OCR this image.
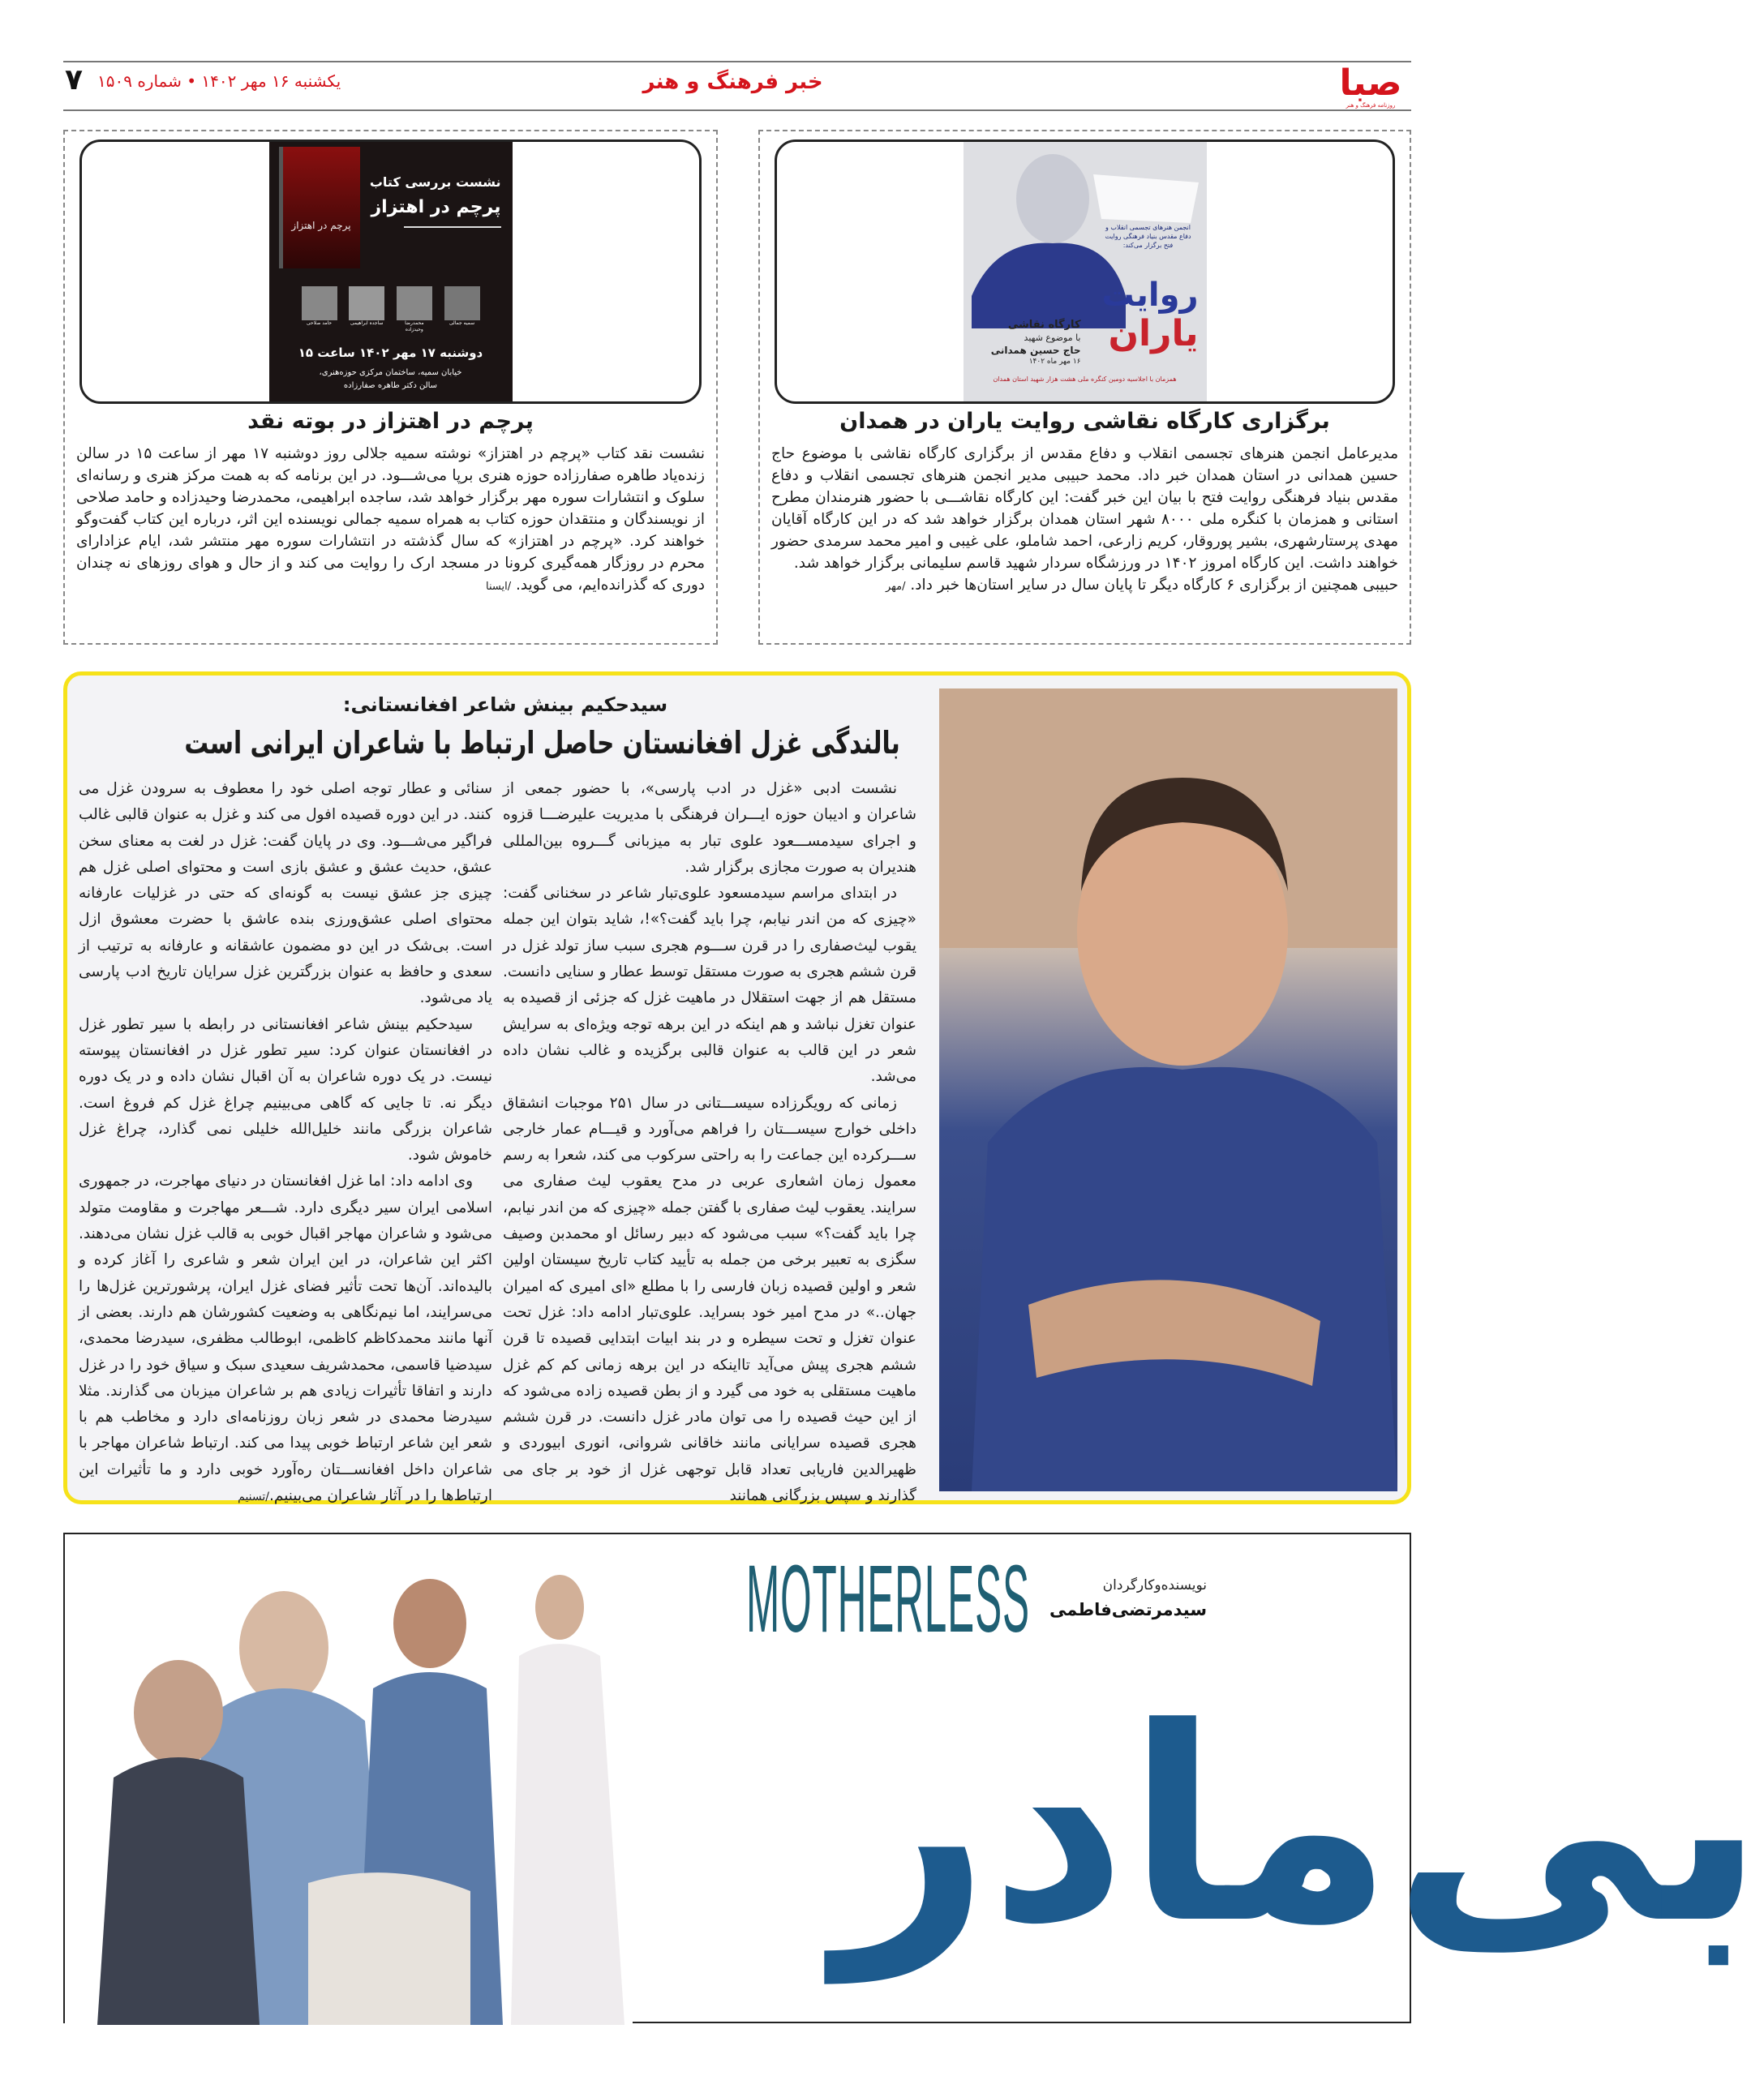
صبا
روزنامه فرهنگ و هنر
خبر فرهنگ و هنر
یکشنبه ۱۶ مهر ۱۴۰۲ • شماره ۱۵۰۹
۷
انجمن هنرهای تجسمی انقلاب و دفاع مقدس بنیاد فرهنگی روایت فتح برگزار می‌کند:
روایت
یاران
کارگاه نقاشی
با موضوع شهید
حاج حسین همدانی
۱۶ مهر ماه ۱۴۰۲
همزمان با اجلاسیه دومین کنگره ملی هشت هزار شهید استان همدان
برگزاری کارگاه نقاشی روایت یاران در همدان
مدیرعامل انجمن هنرهای تجسمی انقلاب و دفاع مقدس از برگزاری کارگاه نقاشی با موضوع حاج حسین همدانی در استان همدان خبر داد. محمد حبیبی مدیر انجمن هنرهای تجسمی انقلاب و دفاع مقدس بنیاد فرهنگی روایت فتح با بیان این خبر گفت: این کارگاه نقاشـــی با حضور هنرمندان مطرح استانی و همزمان با کنگره ملی ۸۰۰۰ شهر استان همدان برگزار خواهد شد که در این کارگاه آقایان مهدی پرستارشهری، بشیر پوروقار، کریم زارعی، احمد شاملو، علی غیبی و امیر محمد سرمدی حضور خواهند داشت. این کارگاه امروز ۱۴۰۲ در ورزشگاه سردار شهید قاسم سلیمانی برگزار خواهد شد.
حبیبی همچنین از برگزاری ۶ کارگاه دیگر تا پایان سال در سایر استان‌ها خبر داد. /مهر
پرچم در اهتزاز
نشست بررسی کتاب
پرچم در اهتزاز
سمیه جمالی
محمدرضا وحیدزاده
ساجده ابراهیمی
حامد صلاحی
دوشنبه ۱۷ مهر ۱۴۰۲ ساعت ۱۵
خیابان سمیه، ساختمان مرکزی حوزه‌هنری،
سالن دکتر طاهره صفارزاده
پرچم در اهتزاز در بوته نقد
نشست نقد کتاب «پرچم در اهتزاز» نوشته سمیه جلالی روز دوشنبه ۱۷ مهر از ساعت ۱۵ در سالن زنده‌یاد طاهره صفارزاده حوزه هنری برپا می‌شـــود. در این برنامه که به همت مرکز هنری و رسانه‌ای سلوک و انتشارات سوره مهر برگزار خواهد شد، ساجده ابراهیمی، محمدرضا وحیدزاده و حامد صلاحی از نویسندگان و منتقدان حوزه کتاب به همراه سمیه جمالی نویسنده این اثر، درباره این کتاب گفت‌وگو خواهند کرد. «پرچم در اهتزاز» که سال گذشته در انتشارات سوره مهر منتشر شد، ایام عزادارای محرم در روزگار همه‌گیری کرونا در مسجد ارک را روایت می کند و از حال و هوای روزهای نه چندان دوری که گذرانده‌ایم، می گوید. /ایسنا
سیدحکیم بینش شاعر افغانستانی:
بالندگی غزل افغانستان حاصل ارتباط با شاعران ایرانی است

نشست ادبی «غزل در ادب پارسی»، با حضور جمعی از شاعران و ادیبان حوزه ایـــران فرهنگی با مدیریت علیرضـــا قزوه و اجرای سیدمســـعود علوی تبار به میزبانی گـــروه بین‌المللی هندیران به صورت مجازی برگزار شد.

در ابتدای مراسم سیدمسعود علوی‌تبار شاعر در سخنانی گفت: «چیزی که من اندر نیابم، چرا باید گفت؟»!، شاید بتوان این جمله یقوب لیث‌صفاری را در قرن ســـوم هجری سبب ساز تولد غزل در قرن ششم هجری به صورت مستقل توسط عطار و سنایی دانست. مستقل هم از جهت استقلال در ماهیت غزل که جزئی از قصیده به عنوان تغزل نباشد و هم اینکه در این برهه توجه ویژه‌ای به سرایش شعر در این قالب به عنوان قالبی برگزیده و غالب نشان داده می‌شد.

زمانی که رویگرزاده سیســـتانی در سال ۲۵۱ موجبات انشقاق داخلی خوارج سیســـتان را فراهم می‌آورد و قیـــام عمار خارجی ســـرکرده این جماعت را به راحتی سرکوب می کند، شعرا به رسم معمول زمان اشعاری عربی در مدح یعقوب لیث صفاری می سرایند. یعقوب لیث صفاری با گفتن جمله «چیزی که من اندر نیابم، چرا باید گفت؟» سبب می‌شود که دبیر رسائل او محمدبن وصیف سگزی به تعبیر برخی من جمله به تأیید کتاب تاریخ سیستان اولین شعر و اولین قصیده زبان فارسی را با مطلع «ای امیری که امیران جهان..» در مدح امیر خود بسراید. علوی‌تبار ادامه داد: غزل تحت عنوان تغزل و تحت سیطره و در بند ابیات ابتدایی قصیده تا قرن ششم هجری پیش می‌آید تااینکه در این برهه زمانی کم کم غزل ماهیت مستقلی به خود می گیرد و از بطن قصیده زاده می‌شود که از این حیث قصیده را می توان مادر غزل دانست. در قرن ششم هجری قصیده سرایانی مانند خاقانی شروانی، انوری ابیوردی و ظهیرالدین فاریابی تعداد قابل توجهی غزل از خود بر جای می گذارند و سپس بزرگانی همانند

سنائی و عطار توجه اصلی خود را معطوف به سرودن غزل می کنند. در این دوره قصیده افول می کند و غزل به عنوان قالبی غالب فراگیر می‌شـــود. وی در پایان گفت: غزل در لغت به معنای سخن عشق، حدیث عشق و عشق بازی است و محتوای اصلی غزل هم چیزی جز عشق نیست به گونه‌ای که حتی در غزلیات عارفانه محتوای اصلی عشق‌ورزی بنده عاشق با حضرت معشوق ازل است. بی‌شک در این دو مضمون عاشقانه و عارفانه به ترتیب از سعدی و حافظ به عنوان بزرگترین غزل سرایان تاریخ ادب پارسی یاد می‌شود.

سیدحکیم بینش شاعر افغانستانی در رابطه با سیر تطور غزل در افغانستان عنوان کرد: سیر تطور غزل در افغانستان پیوسته نیست. در یک دوره شاعران به آن اقبال نشان داده و در یک دوره دیگر نه. تا جایی که گاهی می‌بینیم چراغ غزل کم فروغ است. شاعران بزرگی مانند خلیل‌الله خلیلی نمی گذارد، چراغ غزل خاموش شود.

وی ادامه داد: اما غزل افغانستان در دنیای مهاجرت، در جمهوری اسلامی ایران سیر دیگری دارد. شـــعر مهاجرت و مقاومت متولد می‌شود و شاعران مهاجر اقبال خوبی به قالب غزل نشان می‌دهند. اکثر این شاعران، در این ایران شعر و شاعری را آغاز کرده و بالیده‌اند. آن‌ها تحت تأثیر فضای غزل ایران، پرشورترین غزل‌ها را می‌سرایند، اما نیم‌نگاهی به وضعیت کشورشان هم دارند. بعضی از آنها مانند محمدکاظم کاظمی، ابوطالب مظفری، سیدرضا محمدی، سیدضیا قاسمی، محمدشریف سعیدی سبک و سیاق خود را در غزل دارند و اتفاقا تأثیرات زیادی هم بر شاعران میزبان می گذارند. مثلا سیدرضا محمدی در شعر زبان روزنامه‌ای دارد و مخاطب هم با شعر این شاعر ارتباط خوبی پیدا می کند. ارتباط شاعران مهاجر با شاعران داخل افغانســـتان ره‌آورد خوبی دارد و ما تأثیرات این ارتباط‌ها را در آثار شاعران می‌بینیم./تسنیم

MOTHERLESS
بی‌مادر
نویسنده‌وکارگردان
سیدمرتضی‌فاطمی
